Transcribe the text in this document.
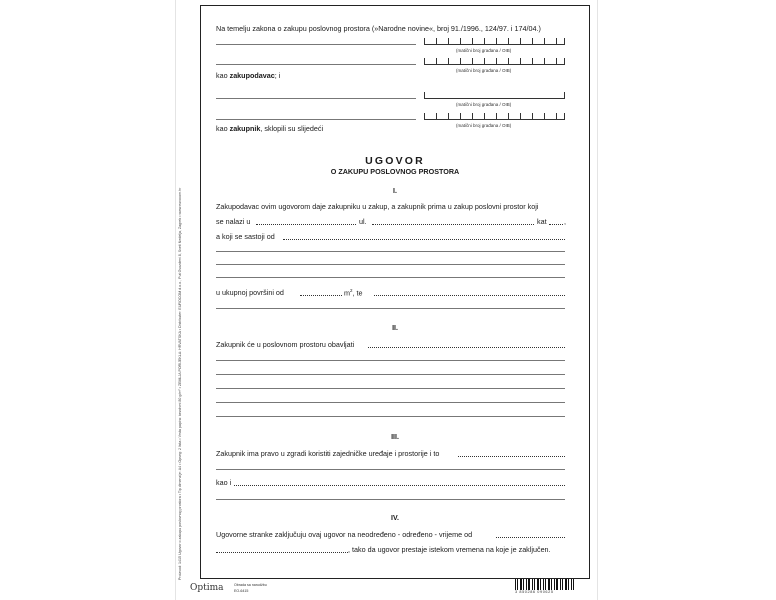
Proizvod: 1415 Ugovor o zakupu poslovnog prostora • Tip dimenzije: A4 • Opseg: 2 lista • Vrsta papira: bezdrvni 80 g/m² • ZEMLJA PORIJEKLA: HRVATSKA • Distributer: EUROCOM d.o.o., Put Gvozdeni 8, Sveti Nedelja, Zagreb • www.eurocom.hr
Na temelju zakona o zakupu poslovnog prostora (»Narodne novine«, broj 91./1996., 124/97. i 174/04.)
(matični broj građana / OIB)
(matični broj građana / OIB)
kao zakupodavac; i
(matični broj građana / OIB)
(matični broj građana / OIB)
kao zakupnik, sklopili su slijedeći
UGOVOR
O ZAKUPU POSLOVNOG PROSTORA
I.
Zakupodavac ovim ugovorom daje zakupniku u zakup, a zakupnik prima u zakup poslovni prostor koji
se nalazi u	ul.	kat ,
a koji se sastoji od
u ukupnoj površini od	$m^2$, te
II.
Zakupnik će u poslovnom prostoru obavljati
III.
Zakupnik ima pravo u zgradi koristiti zajedničke uređaje i prostorije i to
kao i
IV.
Ugovorne stranke zaključuju ovaj ugovor na neodređeno - određeno - vrijeme od
, tako da ugovor prestaje istekom vremena na koje je zaključen.
Optima	Obrada sa narudžbu
EO-6415	3 850286 090625
